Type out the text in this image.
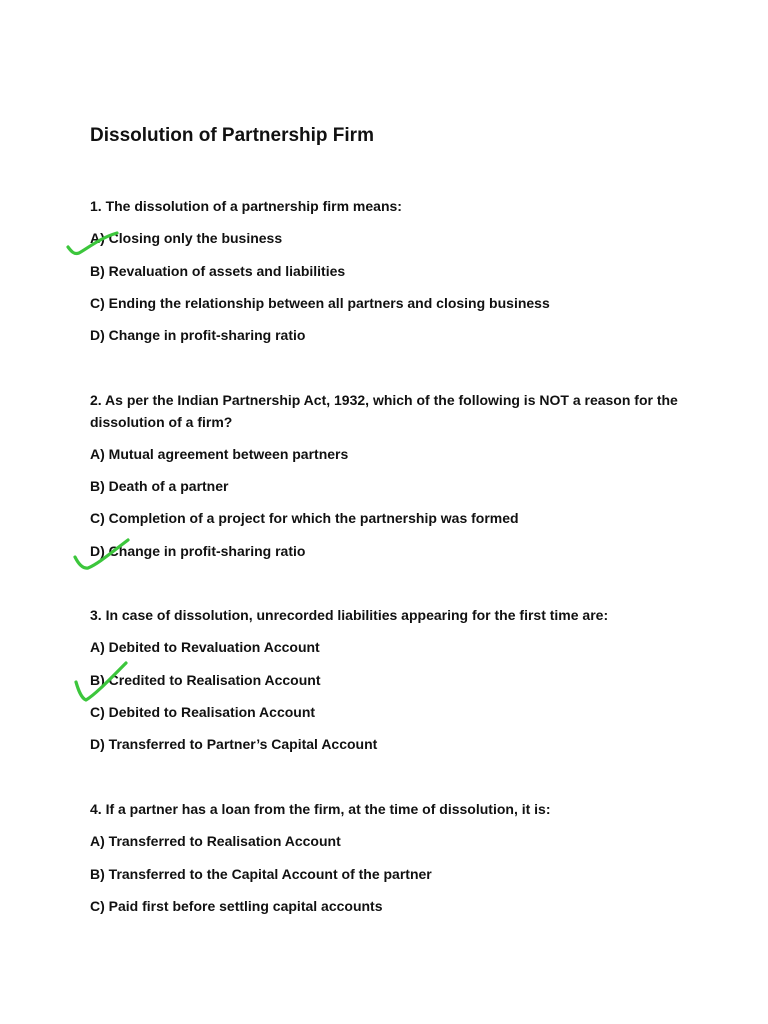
Dissolution of Partnership Firm

1. The dissolution of a partnership firm means:

A) Closing only the business

B) Revaluation of assets and liabilities

C) Ending the relationship between all partners and closing business

D) Change in profit-sharing ratio

2. As per the Indian Partnership Act, 1932, which of the following is NOT a reason for the dissolution of a firm?

A) Mutual agreement between partners

B) Death of a partner

C) Completion of a project for which the partnership was formed

D) Change in profit-sharing ratio

3. In case of dissolution, unrecorded liabilities appearing for the first time are:

A) Debited to Revaluation Account

B) Credited to Realisation Account

C) Debited to Realisation Account

D) Transferred to Partner’s Capital Account

4. If a partner has a loan from the firm, at the time of dissolution, it is:

A) Transferred to Realisation Account

B) Transferred to the Capital Account of the partner

C) Paid first before settling capital accounts
